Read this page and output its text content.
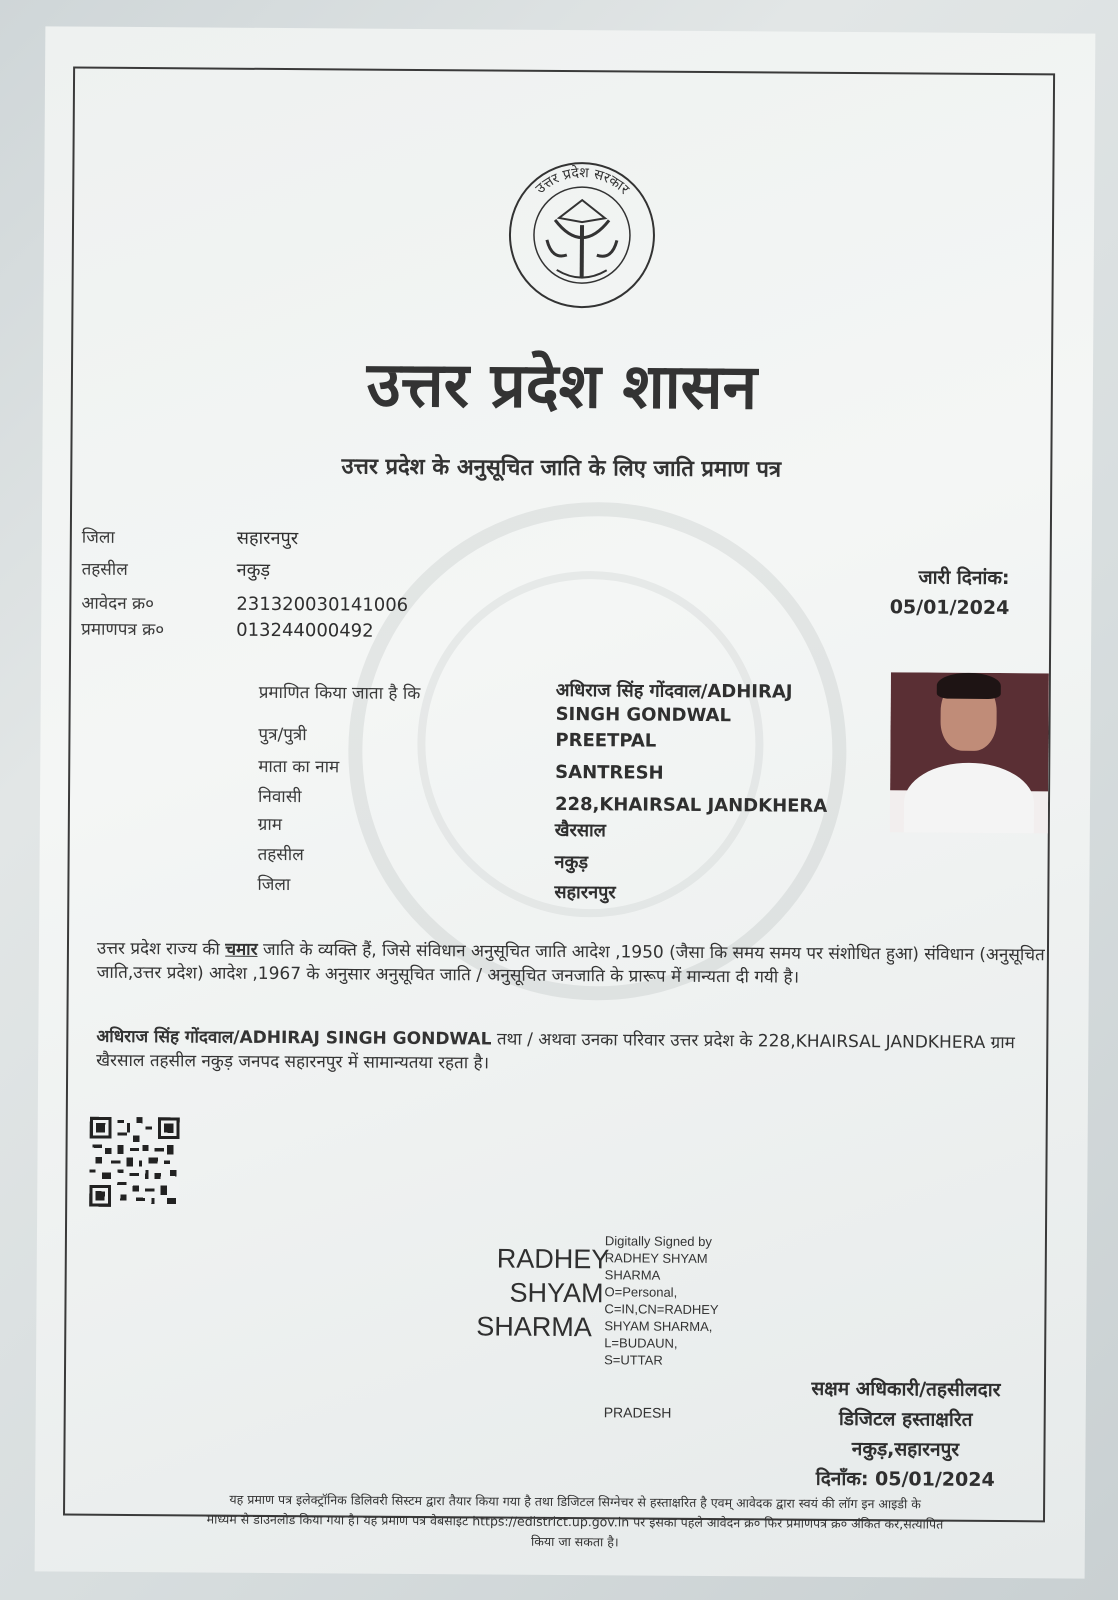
उत्तर प्रदेश सरकार
उत्तर प्रदेश शासन
उत्तर प्रदेश के अनुसूचित जाति के लिए जाति प्रमाण पत्र
जिला	सहारनपुर
तहसील	नकुड़
आवेदन क्र०	231320030141006
प्रमाणपत्र क्र०	013244000492
जारी दिनांक:
05/01/2024
प्रमाणित किया जाता है कि	अधिराज सिंह गोंदवाल/ADHIRAJ
SINGH GONDWAL
पुत्र/पुत्री	PREETPAL
माता का नाम	SANTRESH
निवासी	228,KHAIRSAL JANDKHERA
ग्राम	खैरसाल
तहसील	नकुड़
जिला	सहारनपुर
उत्तर प्रदेश राज्य की चमार जाति के व्यक्ति हैं, जिसे संविधान अनुसूचित जाति आदेश ,1950 (जैसा कि समय समय पर संशोधित हुआ) संविधान (अनुसूचित जाति,उत्तर प्रदेश) आदेश ,1967 के अनुसार अनुसूचित जाति / अनुसूचित जनजाति के प्रारूप में मान्यता दी गयी है।
अधिराज सिंह गोंदवाल/ADHIRAJ SINGH GONDWAL तथा / अथवा उनका परिवार उत्तर प्रदेश के 228,KHAIRSAL JANDKHERA ग्राम खैरसाल तहसील नकुड़ जनपद सहारनपुर में सामान्यतया रहता है।
RADHEY
SHYAM
SHARMA
Digitally Signed by
RADHEY SHYAM
SHARMA
O=Personal,
C=IN,CN=RADHEY
SHYAM SHARMA,
L=BUDAUN,
S=UTTAR
PRADESH
सक्षम अधिकारी/तहसीलदार
डिजिटल हस्ताक्षरित
नकुड़,सहारनपुर
दिनाँक: 05/01/2024
यह प्रमाण पत्र इलेक्ट्रॉनिक डिलिवरी सिस्टम द्वारा तैयार किया गया है तथा डिजिटल सिग्नेचर से हस्ताक्षरित है एवम् आवेदक द्वारा स्वयं की लॉग इन आइडी के
माध्यम से डाउनलोड किया गया है। यह प्रमाण पत्र वेबसाइट https://edistrict.up.gov.in पर इसका पहले आवेदन क्र० फिर प्रमाणपत्र क्र० अंकित कर,सत्यापित
किया जा सकता है।
